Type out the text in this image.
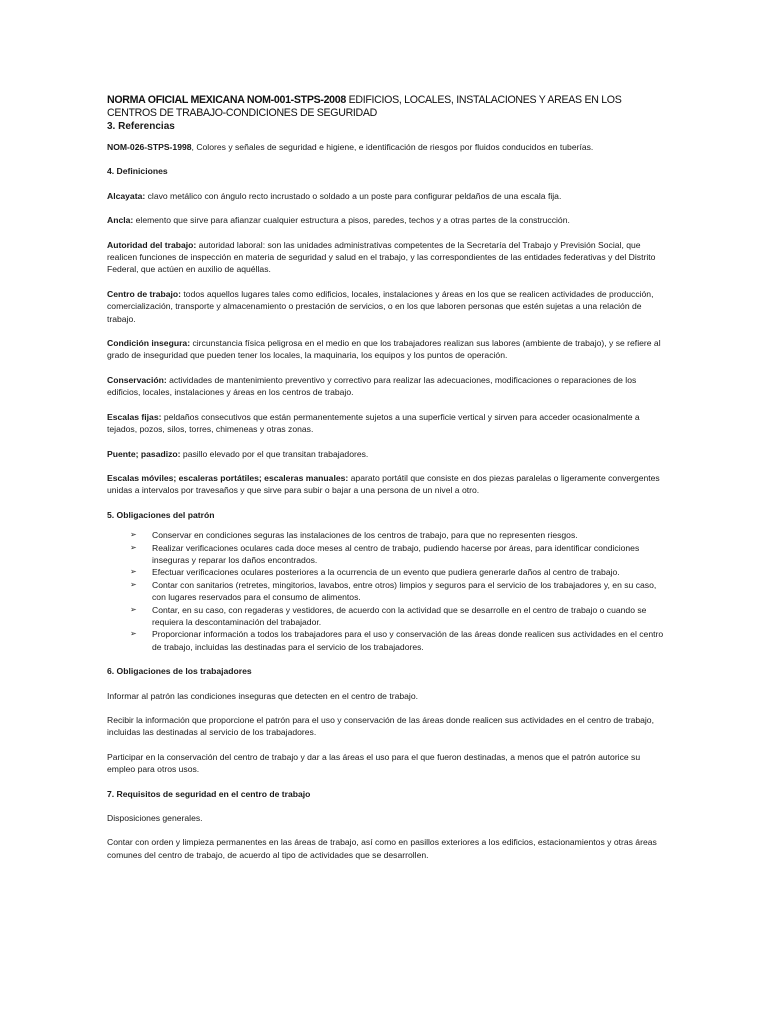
NORMA OFICIAL MEXICANA NOM-001-STPS-2008 EDIFICIOS, LOCALES, INSTALACIONES Y AREAS EN LOS CENTROS DE TRABAJO-CONDICIONES DE SEGURIDAD
3. Referencias

NOM-026-STPS-1998, Colores y señales de seguridad e higiene, e identificación de riesgos por fluidos conducidos en tuberías.

4. Definiciones

Alcayata: clavo metálico con ángulo recto incrustado o soldado a un poste para configurar peldaños de una escala fija.

Ancla: elemento que sirve para afianzar cualquier estructura a pisos, paredes, techos y a otras partes de la construcción.

Autoridad del trabajo: autoridad laboral: son las unidades administrativas competentes de la Secretaría del Trabajo y Previsión Social, que realicen funciones de inspección en materia de seguridad y salud en el trabajo, y las correspondientes de las entidades federativas y del Distrito Federal, que actúen en auxilio de aquéllas.

Centro de trabajo: todos aquellos lugares tales como edificios, locales, instalaciones y áreas en los que se realicen actividades de producción, comercialización, transporte y almacenamiento o prestación de servicios, o en los que laboren personas que estén sujetas a una relación de trabajo.

Condición insegura: circunstancia física peligrosa en el medio en que los trabajadores realizan sus labores (ambiente de trabajo), y se refiere al grado de inseguridad que pueden tener los locales, la maquinaria, los equipos y los puntos de operación.

Conservación: actividades de mantenimiento preventivo y correctivo para realizar las adecuaciones, modificaciones o reparaciones de los edificios, locales, instalaciones y áreas en los centros de trabajo.

Escalas fijas: peldaños consecutivos que están permanentemente sujetos a una superficie vertical y sirven para acceder ocasionalmente a tejados, pozos, silos, torres, chimeneas y otras zonas.

Puente; pasadizo: pasillo elevado por el que transitan trabajadores.

Escalas móviles; escaleras portátiles; escaleras manuales: aparato portátil que consiste en dos piezas paralelas o ligeramente convergentes unidas a intervalos por travesaños y que sirve para subir o bajar a una persona de un nivel a otro.

5. Obligaciones del patrón
➢ Conservar en condiciones seguras las instalaciones de los centros de trabajo, para que no representen riesgos.
➢ Realizar verificaciones oculares cada doce meses al centro de trabajo, pudiendo hacerse por áreas, para identificar condiciones inseguras y reparar los daños encontrados.
➢ Efectuar verificaciones oculares posteriores a la ocurrencia de un evento que pudiera generarle daños al centro de trabajo.
➢ Contar con sanitarios (retretes, mingitorios, lavabos, entre otros) limpios y seguros para el servicio de los trabajadores y, en su caso, con lugares reservados para el consumo de alimentos.
➢ Contar, en su caso, con regaderas y vestidores, de acuerdo con la actividad que se desarrolle en el centro de trabajo o cuando se requiera la descontaminación del trabajador.
➢ Proporcionar información a todos los trabajadores para el uso y conservación de las áreas donde realicen sus actividades en el centro de trabajo, incluidas las destinadas para el servicio de los trabajadores.
6. Obligaciones de los trabajadores

Informar al patrón las condiciones inseguras que detecten en el centro de trabajo.

Recibir la información que proporcione el patrón para el uso y conservación de las áreas donde realicen sus actividades en el centro de trabajo, incluidas las destinadas al servicio de los trabajadores.

Participar en la conservación del centro de trabajo y dar a las áreas el uso para el que fueron destinadas, a menos que el patrón autorice su empleo para otros usos.

7. Requisitos de seguridad en el centro de trabajo

Disposiciones generales.

Contar con orden y limpieza permanentes en las áreas de trabajo, así como en pasillos exteriores a los edificios, estacionamientos y otras áreas comunes del centro de trabajo, de acuerdo al tipo de actividades que se desarrollen.
